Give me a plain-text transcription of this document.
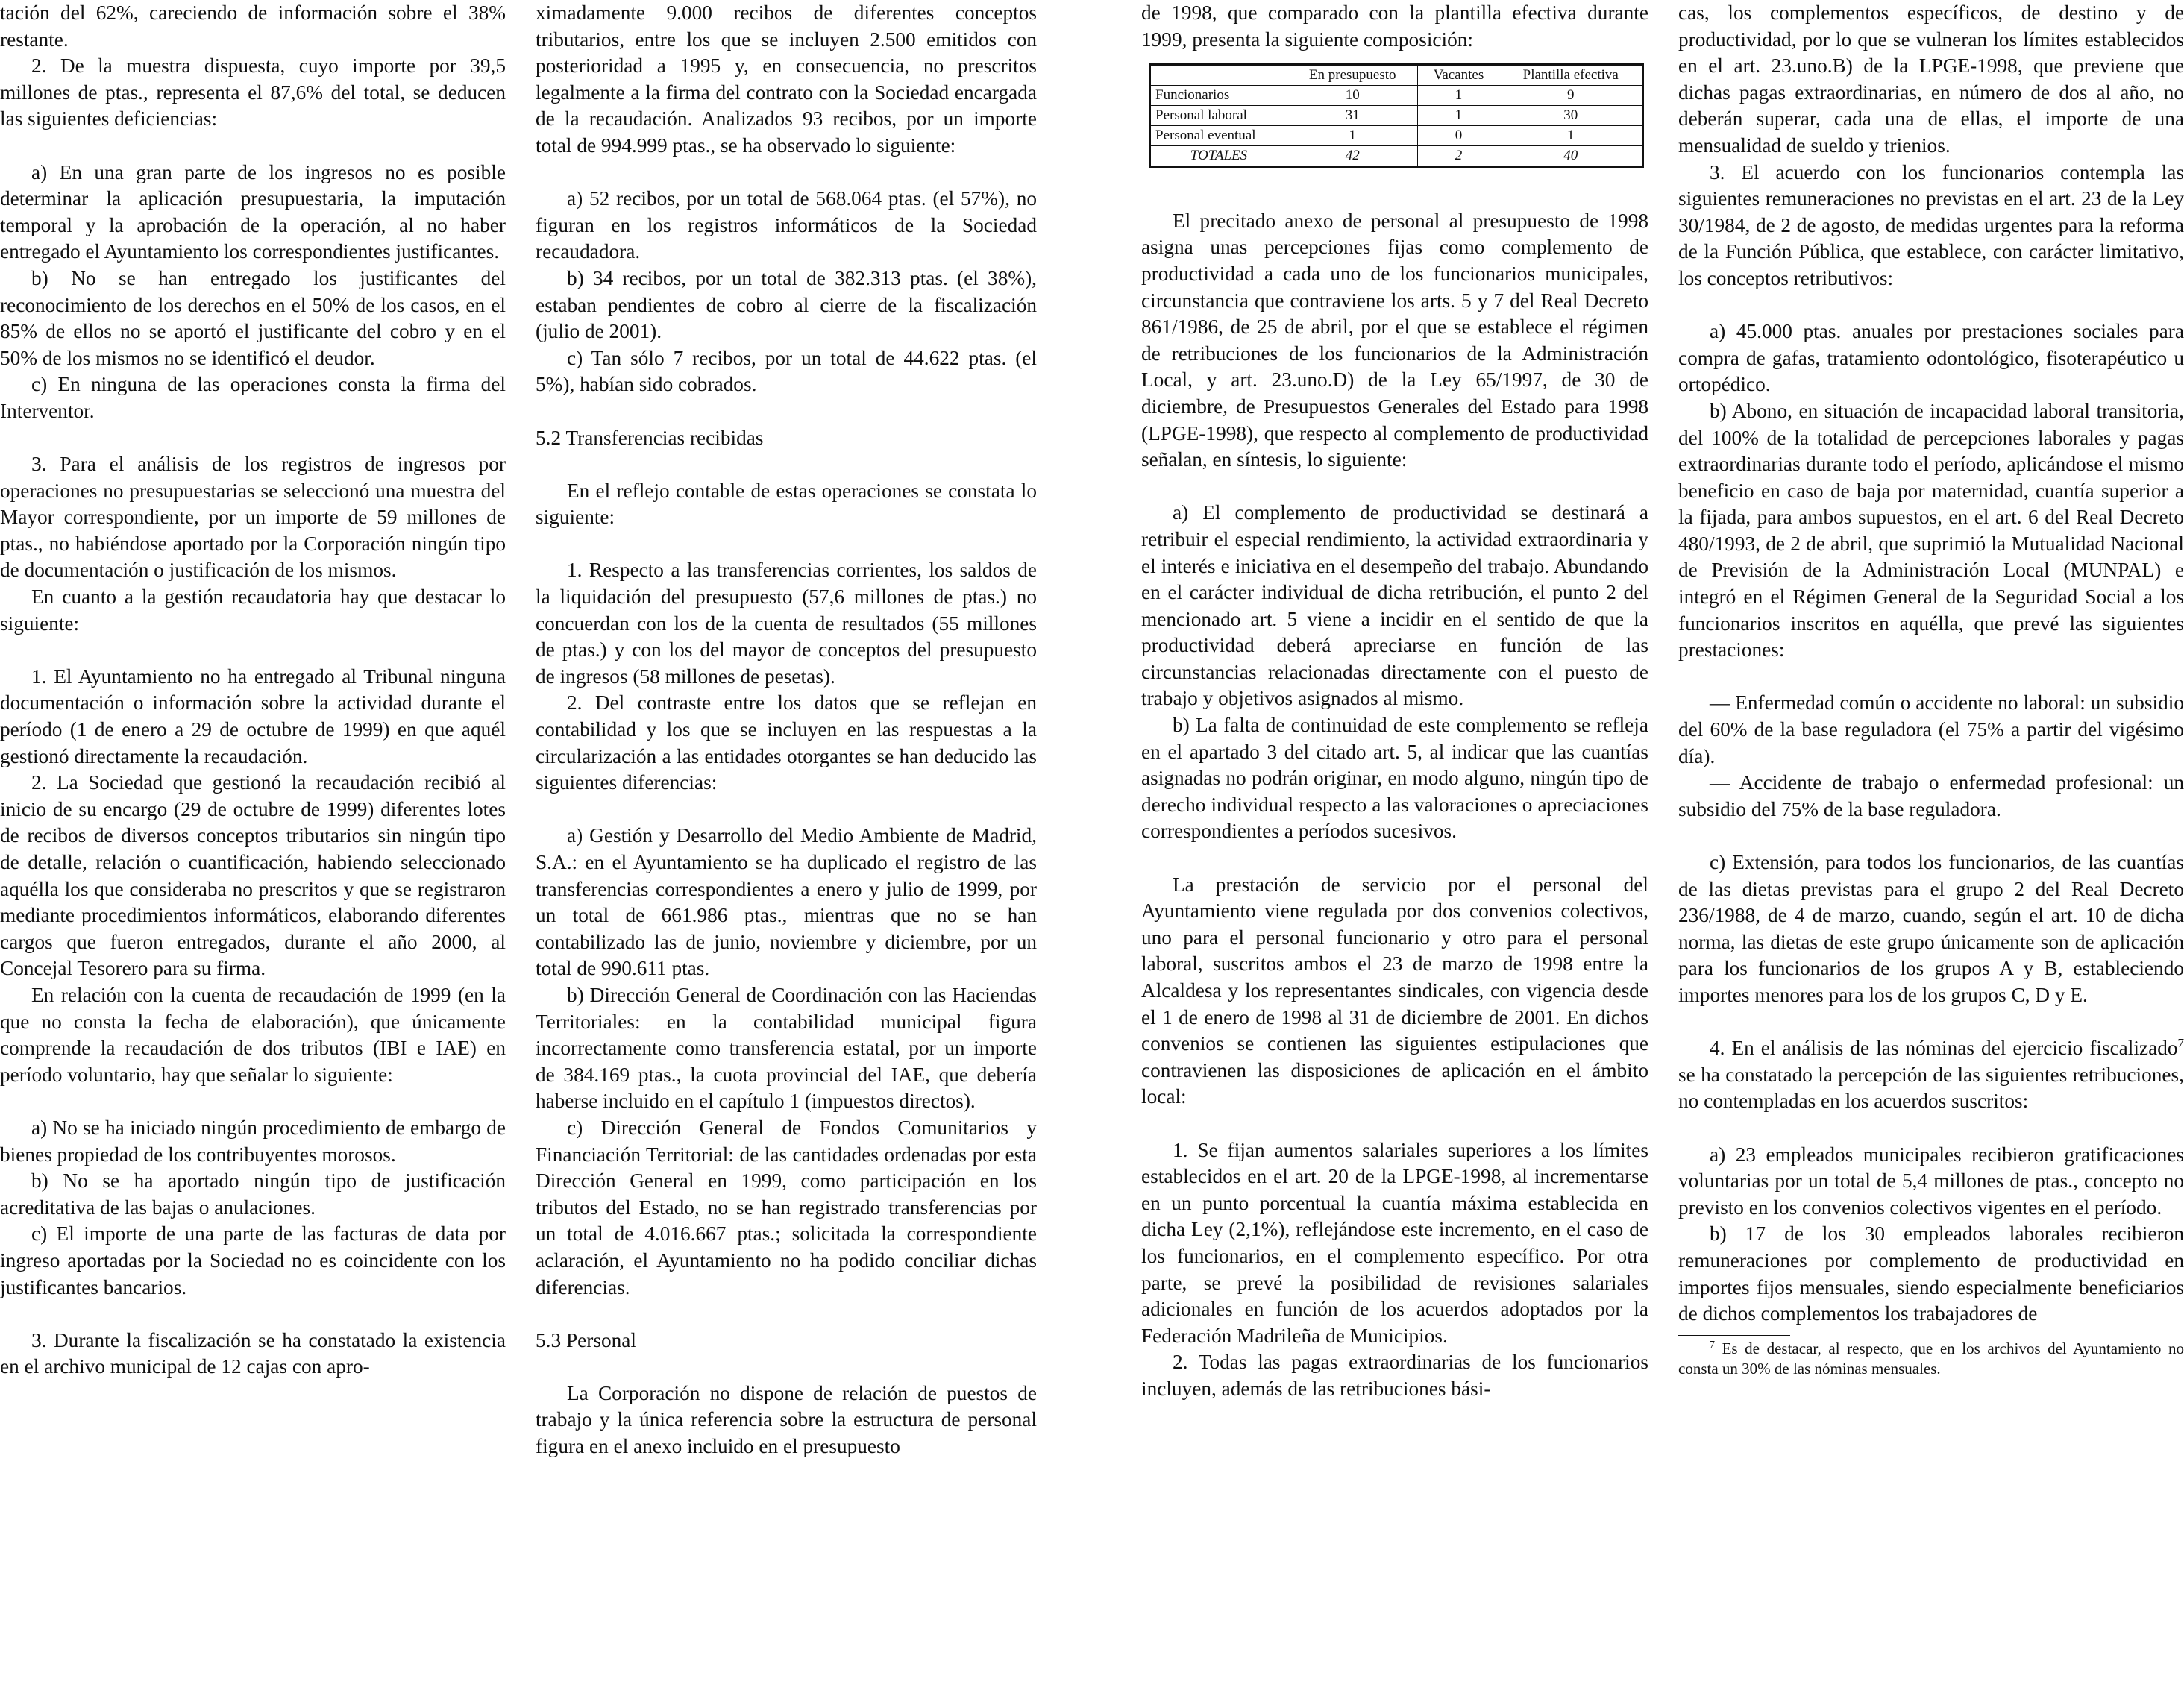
tación del 62%, careciendo de información sobre el 38% restante.

2. De la muestra dispuesta, cuyo importe por 39,5 millones de ptas., representa el 87,6% del total, se deducen las siguientes deficiencias:

a) En una gran parte de los ingresos no es posible determinar la aplicación presupuestaria, la imputación temporal y la aprobación de la operación, al no haber entregado el Ayuntamiento los correspondientes justificantes.

b) No se han entregado los justificantes del reconocimiento de los derechos en el 50% de los casos, en el 85% de ellos no se aportó el justificante del cobro y en el 50% de los mismos no se identificó el deudor.

c) En ninguna de las operaciones consta la firma del Interventor.

3. Para el análisis de los registros de ingresos por operaciones no presupuestarias se seleccionó una muestra del Mayor correspondiente, por un importe de 59 millones de ptas., no habiéndose aportado por la Corporación ningún tipo de documentación o justificación de los mismos.

En cuanto a la gestión recaudatoria hay que destacar lo siguiente:

1. El Ayuntamiento no ha entregado al Tribunal ninguna documentación o información sobre la actividad durante el período (1 de enero a 29 de octubre de 1999) en que aquél gestionó directamente la recaudación.

2. La Sociedad que gestionó la recaudación recibió al inicio de su encargo (29 de octubre de 1999) diferentes lotes de recibos de diversos conceptos tributarios sin ningún tipo de detalle, relación o cuantificación, habiendo seleccionado aquélla los que consideraba no prescritos y que se registraron mediante procedimientos informáticos, elaborando diferentes cargos que fueron entregados, durante el año 2000, al Concejal Tesorero para su firma.

En relación con la cuenta de recaudación de 1999 (en la que no consta la fecha de elaboración), que únicamente comprende la recaudación de dos tributos (IBI e IAE) en período voluntario, hay que señalar lo siguiente:

a) No se ha iniciado ningún procedimiento de embargo de bienes propiedad de los contribuyentes morosos.

b) No se ha aportado ningún tipo de justificación acreditativa de las bajas o anulaciones.

c) El importe de una parte de las facturas de data por ingreso aportadas por la Sociedad no es coincidente con los justificantes bancarios.

3. Durante la fiscalización se ha constatado la existencia en el archivo municipal de 12 cajas con apro-

ximadamente 9.000 recibos de diferentes conceptos tributarios, entre los que se incluyen 2.500 emitidos con posterioridad a 1995 y, en consecuencia, no prescritos legalmente a la firma del contrato con la Sociedad encargada de la recaudación. Analizados 93 recibos, por un importe total de 994.999 ptas., se ha observado lo siguiente:

a) 52 recibos, por un total de 568.064 ptas. (el 57%), no figuran en los registros informáticos de la Sociedad recaudadora.

b) 34 recibos, por un total de 382.313 ptas. (el 38%), estaban pendientes de cobro al cierre de la fiscalización (julio de 2001).

c) Tan sólo 7 recibos, por un total de 44.622 ptas. (el 5%), habían sido cobrados.

5.2 Transferencias recibidas

En el reflejo contable de estas operaciones se constata lo siguiente:

1. Respecto a las transferencias corrientes, los saldos de la liquidación del presupuesto (57,6 millones de ptas.) no concuerdan con los de la cuenta de resultados (55 millones de ptas.) y con los del mayor de conceptos del presupuesto de ingresos (58 millones de pesetas).

2. Del contraste entre los datos que se reflejan en contabilidad y los que se incluyen en las respuestas a la circularización a las entidades otorgantes se han deducido las siguientes diferencias:

a) Gestión y Desarrollo del Medio Ambiente de Madrid, S.A.: en el Ayuntamiento se ha duplicado el registro de las transferencias correspondientes a enero y julio de 1999, por un total de 661.986 ptas., mientras que no se han contabilizado las de junio, noviembre y diciembre, por un total de 990.611 ptas.

b) Dirección General de Coordinación con las Haciendas Territoriales: en la contabilidad municipal figura incorrectamente como transferencia estatal, por un importe de 384.169 ptas., la cuota provincial del IAE, que debería haberse incluido en el capítulo 1 (impuestos directos).

c) Dirección General de Fondos Comunitarios y Financiación Territorial: de las cantidades ordenadas por esta Dirección General en 1999, como participación en los tributos del Estado, no se han registrado transferencias por un total de 4.016.667 ptas.; solicitada la correspondiente aclaración, el Ayuntamiento no ha podido conciliar dichas diferencias.

5.3 Personal

La Corporación no dispone de relación de puestos de trabajo y la única referencia sobre la estructura de personal figura en el anexo incluido en el presupuesto

de 1998, que comparado con la plantilla efectiva durante 1999, presenta la siguiente composición:

	En presupuesto	Vacantes	Plantilla efectiva
Funcionarios	10	1	9
Personal laboral	31	1	30
Personal eventual	1	0	1
TOTALES	42	2	40

El precitado anexo de personal al presupuesto de 1998 asigna unas percepciones fijas como complemento de productividad a cada uno de los funcionarios municipales, circunstancia que contraviene los arts. 5 y 7 del Real Decreto 861/1986, de 25 de abril, por el que se establece el régimen de retribuciones de los funcionarios de la Administración Local, y art. 23.uno.D) de la Ley 65/1997, de 30 de diciembre, de Presupuestos Generales del Estado para 1998 (LPGE-1998), que respecto al complemento de productividad señalan, en síntesis, lo siguiente:

a) El complemento de productividad se destinará a retribuir el especial rendimiento, la actividad extraordinaria y el interés e iniciativa en el desempeño del trabajo. Abundando en el carácter individual de dicha retribución, el punto 2 del mencionado art. 5 viene a incidir en el sentido de que la productividad deberá apreciarse en función de las circunstancias relacionadas directamente con el puesto de trabajo y objetivos asignados al mismo.

b) La falta de continuidad de este complemento se refleja en el apartado 3 del citado art. 5, al indicar que las cuantías asignadas no podrán originar, en modo alguno, ningún tipo de derecho individual respecto a las valoraciones o apreciaciones correspondientes a períodos sucesivos.

La prestación de servicio por el personal del Ayuntamiento viene regulada por dos convenios colectivos, uno para el personal funcionario y otro para el personal laboral, suscritos ambos el 23 de marzo de 1998 entre la Alcaldesa y los representantes sindicales, con vigencia desde el 1 de enero de 1998 al 31 de diciembre de 2001. En dichos convenios se contienen las siguientes estipulaciones que contravienen las disposiciones de aplicación en el ámbito local:

1. Se fijan aumentos salariales superiores a los límites establecidos en el art. 20 de la LPGE-1998, al incrementarse en un punto porcentual la cuantía máxima establecida en dicha Ley (2,1%), reflejándose este incremento, en el caso de los funcionarios, en el complemento específico. Por otra parte, se prevé la posibilidad de revisiones salariales adicionales en función de los acuerdos adoptados por la Federación Madrileña de Municipios.

2. Todas las pagas extraordinarias de los funcionarios incluyen, además de las retribuciones bási-

cas, los complementos específicos, de destino y de productividad, por lo que se vulneran los límites establecidos en el art. 23.uno.B) de la LPGE-1998, que previene que dichas pagas extraordinarias, en número de dos al año, no deberán superar, cada una de ellas, el importe de una mensualidad de sueldo y trienios.

3. El acuerdo con los funcionarios contempla las siguientes remuneraciones no previstas en el art. 23 de la Ley 30/1984, de 2 de agosto, de medidas urgentes para la reforma de la Función Pública, que establece, con carácter limitativo, los conceptos retributivos:

a) 45.000 ptas. anuales por prestaciones sociales para compra de gafas, tratamiento odontológico, fisoterapéutico u ortopédico.

b) Abono, en situación de incapacidad laboral transitoria, del 100% de la totalidad de percepciones laborales y pagas extraordinarias durante todo el período, aplicándose el mismo beneficio en caso de baja por maternidad, cuantía superior a la fijada, para ambos supuestos, en el art. 6 del Real Decreto 480/1993, de 2 de abril, que suprimió la Mutualidad Nacional de Previsión de la Administración Local (MUNPAL) e integró en el Régimen General de la Seguridad Social a los funcionarios inscritos en aquélla, que prevé las siguientes prestaciones:

— Enfermedad común o accidente no laboral: un subsidio del 60% de la base reguladora (el 75% a partir del vigésimo día).

— Accidente de trabajo o enfermedad profesional: un subsidio del 75% de la base reguladora.

c) Extensión, para todos los funcionarios, de las cuantías de las dietas previstas para el grupo 2 del Real Decreto 236/1988, de 4 de marzo, cuando, según el art. 10 de dicha norma, las dietas de este grupo únicamente son de aplicación para los funcionarios de los grupos A y B, estableciendo importes menores para los de los grupos C, D y E.

4. En el análisis de las nóminas del ejercicio fiscalizado$^7$ se ha constatado la percepción de las siguientes retribuciones, no contempladas en los acuerdos suscritos:

a) 23 empleados municipales recibieron gratificaciones voluntarias por un total de 5,4 millones de ptas., concepto no previsto en los convenios colectivos vigentes en el período.

b) 17 de los 30 empleados laborales recibieron remuneraciones por complemento de productividad en importes fijos mensuales, siendo especialmente beneficiarios de dichos complementos los trabajadores de

$^7$ Es de destacar, al respecto, que en los archivos del Ayuntamiento no consta un 30% de las nóminas mensuales.
